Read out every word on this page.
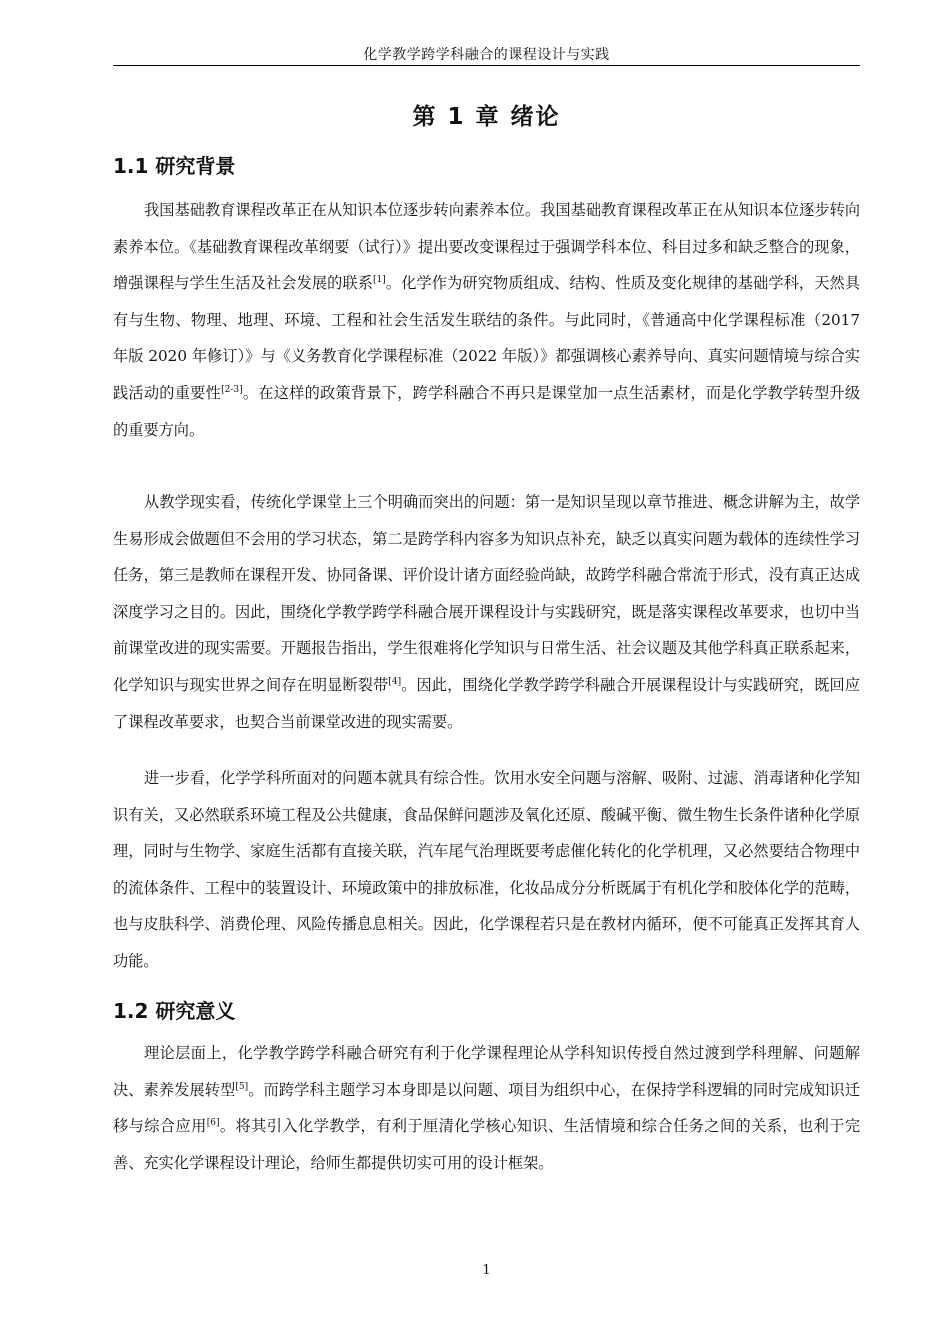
化学教学跨学科融合的课程设计与实践
第 1 章 绪论
1.1 研究背景
我国基础教育课程改革正在从知识本位逐步转向素养本位。我国基础教育课程改革正在从知识本位逐步转向素养本位。《基础教育课程改革纲要（试行）》提出要改变课程过于强调学科本位、科目过多和缺乏整合的现象，增强课程与学生生活及社会发展的联系[1]。化学作为研究物质组成、结构、性质及变化规律的基础学科，天然具有与生物、物理、地理、环境、工程和社会生活发生联结的条件。与此同时，《普通高中化学课程标准（2017 年版 2020 年修订）》与《义务教育化学课程标准（2022 年版）》都强调核心素养导向、真实问题情境与综合实践活动的重要性[2-3]。在这样的政策背景下，跨学科融合不再只是课堂加一点生活素材，而是化学教学转型升级的重要方向。
从教学现实看，传统化学课堂上三个明确而突出的问题：第一是知识呈现以章节推进、概念讲解为主，故学生易形成会做题但不会用的学习状态，第二是跨学科内容多为知识点补充，缺乏以真实问题为载体的连续性学习任务，第三是教师在课程开发、协同备课、评价设计诸方面经验尚缺，故跨学科融合常流于形式，没有真正达成深度学习之目的。因此，围绕化学教学跨学科融合展开课程设计与实践研究，既是落实课程改革要求，也切中当前课堂改进的现实需要。开题报告指出，学生很难将化学知识与日常生活、社会议题及其他学科真正联系起来，化学知识与现实世界之间存在明显断裂带[4]。因此，围绕化学教学跨学科融合开展课程设计与实践研究，既回应了课程改革要求，也契合当前课堂改进的现实需要。
进一步看，化学学科所面对的问题本就具有综合性。饮用水安全问题与溶解、吸附、过滤、消毒诸种化学知识有关，又必然联系环境工程及公共健康，食品保鲜问题涉及氧化还原、酸碱平衡、微生物生长条件诸种化学原理，同时与生物学、家庭生活都有直接关联，汽车尾气治理既要考虑催化转化的化学机理，又必然要结合物理中的流体条件、工程中的装置设计、环境政策中的排放标准，化妆品成分分析既属于有机化学和胶体化学的范畴，也与皮肤科学、消费伦理、风险传播息息相关。因此，化学课程若只是在教材内循环，便不可能真正发挥其育人功能。
1.2 研究意义
理论层面上，化学教学跨学科融合研究有利于化学课程理论从学科知识传授自然过渡到学科理解、问题解决、素养发展转型[5]。而跨学科主题学习本身即是以问题、项目为组织中心，在保持学科逻辑的同时完成知识迁移与综合应用[6]。将其引入化学教学，有利于厘清化学核心知识、生活情境和综合任务之间的关系，也利于完善、充实化学课程设计理论，给师生都提供切实可用的设计框架。
1
